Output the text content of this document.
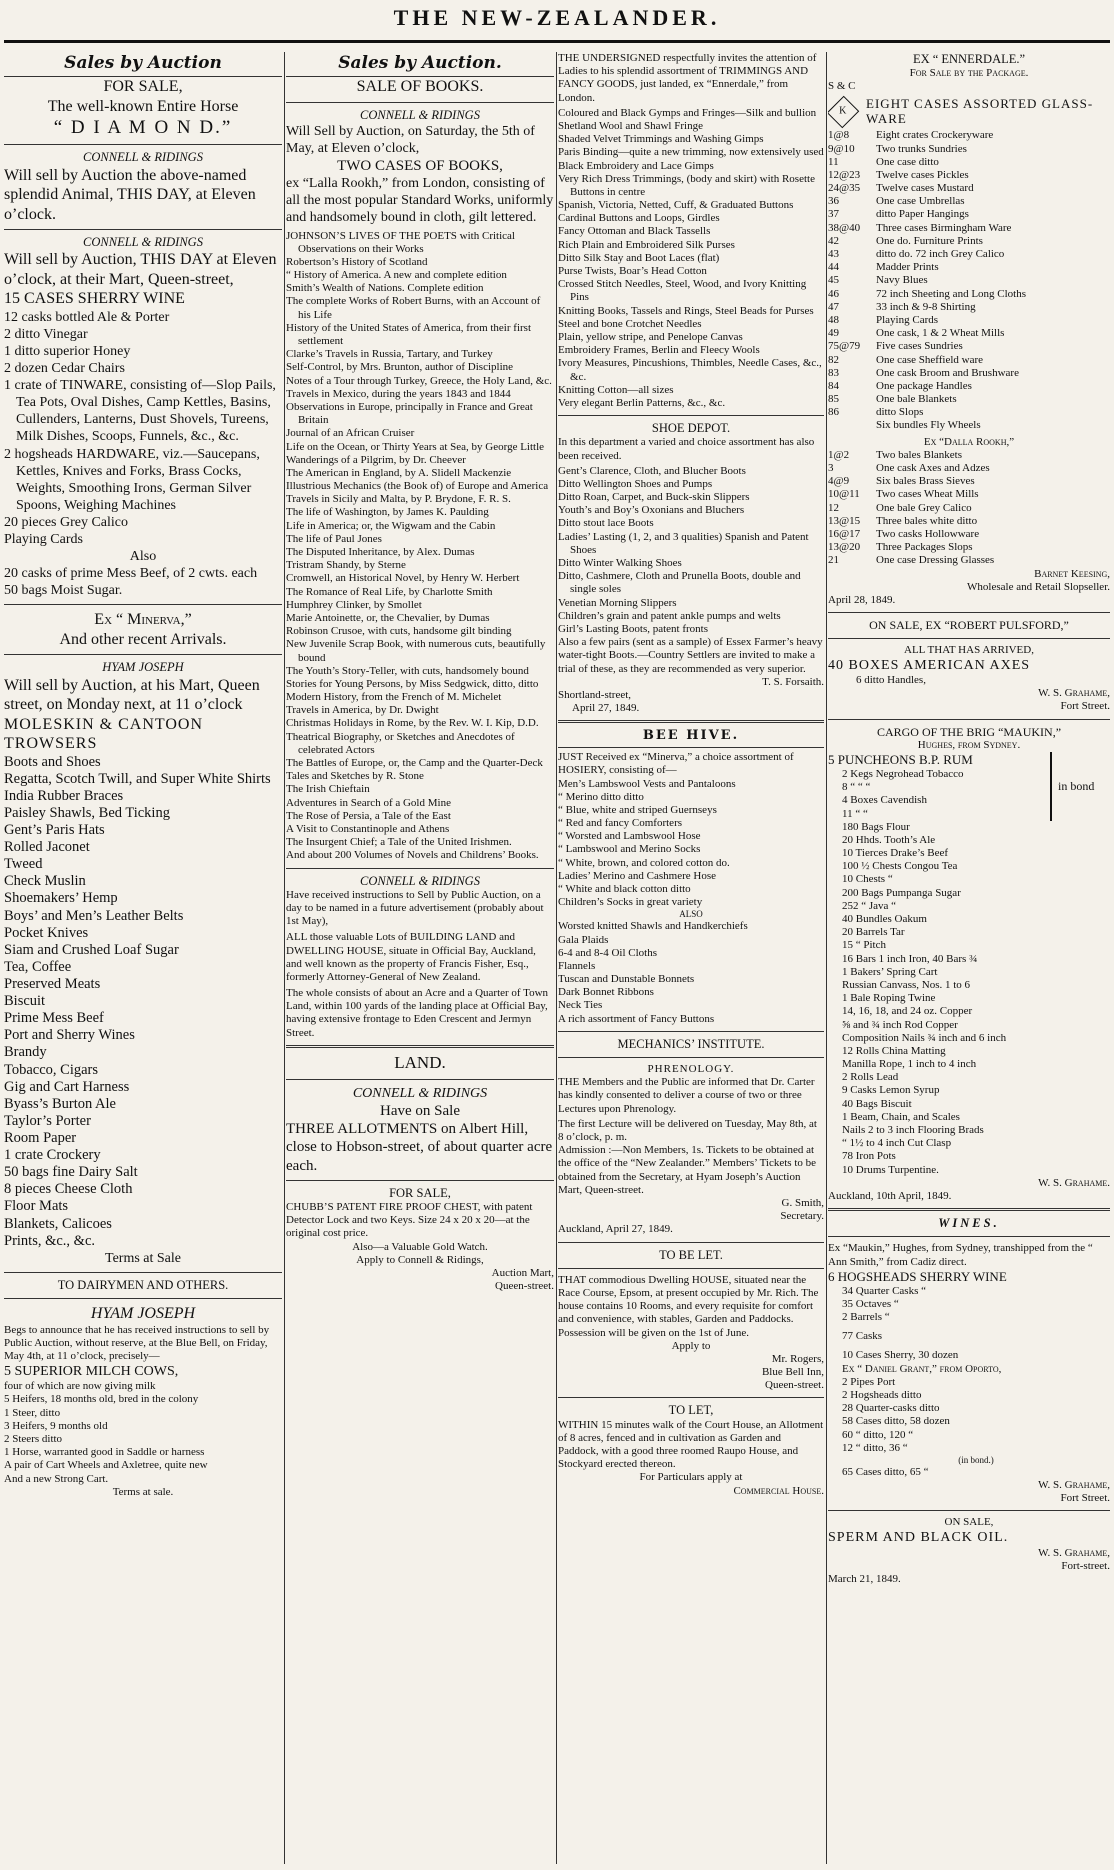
THE NEW-ZEALANDER.
Sales by Auction
FOR SALE,
The well-known Entire Horse
“ D I A M O N D.”
CONNELL & RIDINGS
Will sell by Auction the above-named splendid Animal, THIS DAY, at Eleven o’clock.
CONNELL & RIDINGS
Will sell by Auction, THIS DAY at Eleven o’clock, at their Mart, Queen-street,
15 CASES SHERRY WINE
12 casks bottled Ale & Porter
2 ditto Vinegar
1 ditto superior Honey
2 dozen Cedar Chairs
1 crate of TINWARE, consisting of—Slop Pails, Tea Pots, Oval Dishes, Camp Kettles, Basins, Cullenders, Lanterns, Dust Shovels, Tureens, Milk Dishes, Scoops, Funnels, &c., &c.
2 hogsheads HARDWARE, viz.—Saucepans, Kettles, Knives and Forks, Brass Cocks, Weights, Smoothing Irons, German Silver Spoons, Weighing Machines
20 pieces Grey Calico
Playing Cards
Also
20 casks of prime Mess Beef, of 2 cwts. each
50 bags Moist Sugar.
Ex “ Minerva,”
And other recent Arrivals.
HYAM JOSEPH
Will sell by Auction, at his Mart, Queen street, on Monday next, at 11 o’clock
MOLESKIN & CANTOON TROWSERS
Boots and Shoes
Regatta, Scotch Twill, and Super White Shirts
India Rubber Braces
Paisley Shawls, Bed Ticking
Gent’s Paris Hats
Rolled Jaconet
Tweed
Check Muslin
Shoemakers’ Hemp
Boys’ and Men’s Leather Belts
Pocket Knives
Siam and Crushed Loaf Sugar
Tea, Coffee
Preserved Meats
Biscuit
Prime Mess Beef
Port and Sherry Wines
Brandy
Tobacco, Cigars
Gig and Cart Harness
Byass’s Burton Ale
Taylor’s Porter
Room Paper
1 crate Crockery
50 bags fine Dairy Salt
8 pieces Cheese Cloth
Floor Mats
Blankets, Calicoes
Prints, &c., &c.
Terms at Sale
TO DAIRYMEN AND OTHERS.
HYAM JOSEPH
Begs to announce that he has received instructions to sell by Public Auction, without reserve, at the Blue Bell, on Friday, May 4th, at 11 o’clock, precisely—
5 SUPERIOR MILCH COWS,
four of which are now giving milk
5 Heifers, 18 months old, bred in the colony
1 Steer, ditto
3 Heifers, 9 months old
2 Steers ditto
1 Horse, warranted good in Saddle or harness
A pair of Cart Wheels and Axletree, quite new
And a new Strong Cart.
Terms at sale.
Sales by Auction.
SALE OF BOOKS.
CONNELL & RIDINGS
Will Sell by Auction, on Saturday, the 5th of May, at Eleven o’clock,
TWO CASES OF BOOKS,
ex “Lalla Rookh,” from London, consisting of all the most popular Standard Works, uniformly and handsomely bound in cloth, gilt lettered.
JOHNSON’S LIVES OF THE POETS with Critical Observations on their Works
Robertson’s History of Scotland
“ History of America. A new and complete edition
Smith’s Wealth of Nations. Complete edition
The complete Works of Robert Burns, with an Account of his Life
History of the United States of America, from their first settlement
Clarke’s Travels in Russia, Tartary, and Turkey
Self-Control, by Mrs. Brunton, author of Discipline
Notes of a Tour through Turkey, Greece, the Holy Land, &c.
Travels in Mexico, during the years 1843 and 1844
Observations in Europe, principally in France and Great Britain
Journal of an African Cruiser
Life on the Ocean, or Thirty Years at Sea, by George Little
Wanderings of a Pilgrim, by Dr. Cheever
The American in England, by A. Slidell Mackenzie
Illustrious Mechanics (the Book of) of Europe and America
Travels in Sicily and Malta, by P. Brydone, F. R. S.
The life of Washington, by James K. Paulding
Life in America; or, the Wigwam and the Cabin
The life of Paul Jones
The Disputed Inheritance, by Alex. Dumas
Tristram Shandy, by Sterne
Cromwell, an Historical Novel, by Henry W. Herbert
The Romance of Real Life, by Charlotte Smith
Humphrey Clinker, by Smollet
Marie Antoinette, or, the Chevalier, by Dumas
Robinson Crusoe, with cuts, handsome gilt binding
New Juvenile Scrap Book, with numerous cuts, beautifully bound
The Youth’s Story-Teller, with cuts, handsomely bound
Stories for Young Persons, by Miss Sedgwick, ditto, ditto
Modern History, from the French of M. Michelet
Travels in America, by Dr. Dwight
Christmas Holidays in Rome, by the Rev. W. I. Kip, D.D.
Theatrical Biography, or Sketches and Anecdotes of celebrated Actors
The Battles of Europe, or, the Camp and the Quarter-Deck
Tales and Sketches by R. Stone
The Irish Chieftain
Adventures in Search of a Gold Mine
The Rose of Persia, a Tale of the East
A Visit to Constantinople and Athens
The Insurgent Chief; a Tale of the United Irishmen.
And about 200 Volumes of Novels and Childrens’ Books.
CONNELL & RIDINGS
Have received instructions to Sell by Public Auction, on a day to be named in a future advertisement (probably about 1st May),
ALL those valuable Lots of BUILDING LAND and DWELLING HOUSE, situate in Official Bay, Auckland, and well known as the property of Francis Fisher, Esq., formerly Attorney-General of New Zealand.
The whole consists of about an Acre and a Quarter of Town Land, within 100 yards of the landing place at Official Bay, having extensive frontage to Eden Crescent and Jermyn Street.
LAND.
CONNELL & RIDINGS
Have on Sale
THREE ALLOTMENTS on Albert Hill, close to Hobson-street, of about quarter acre each.
FOR SALE,
CHUBB’S PATENT FIRE PROOF CHEST, with patent Detector Lock and two Keys. Size 24 x 20 x 20—at the original cost price.
Also—a Valuable Gold Watch.
Apply to Connell & Ridings,
Auction Mart,
Queen-street.
THE UNDERSIGNED respectfully invites the attention of Ladies to his splendid assortment of TRIMMINGS AND FANCY GOODS, just landed, ex “Ennerdale,” from London.
Coloured and Black Gymps and Fringes—Silk and bullion
Shetland Wool and Shawl Fringe
Shaded Velvet Trimmings and Washing Gimps
Paris Binding—quite a new trimming, now extensively used
Black Embroidery and Lace Gimps
Very Rich Dress Trimmings, (body and skirt) with Rosette Buttons in centre
Spanish, Victoria, Netted, Cuff, & Graduated Buttons
Cardinal Buttons and Loops, Girdles
Fancy Ottoman and Black Tassells
Rich Plain and Embroidered Silk Purses
Ditto Silk Stay and Boot Laces (flat)
Purse Twists, Boar’s Head Cotton
Crossed Stitch Needles, Steel, Wood, and Ivory Knitting Pins
Knitting Books, Tassels and Rings, Steel Beads for Purses
Steel and bone Crotchet Needles
Plain, yellow stripe, and Penelope Canvas
Embroidery Frames, Berlin and Fleecy Wools
Ivory Measures, Pincushions, Thimbles, Needle Cases, &c., &c.
Knitting Cotton—all sizes
Very elegant Berlin Patterns, &c., &c.
SHOE DEPOT.
In this department a varied and choice assortment has also been received.
Gent’s Clarence, Cloth, and Blucher Boots
Ditto Wellington Shoes and Pumps
Ditto Roan, Carpet, and Buck-skin Slippers
Youth’s and Boy’s Oxonians and Bluchers
Ditto stout lace Boots
Ladies’ Lasting (1, 2, and 3 qualities) Spanish and Patent Shoes
Ditto Winter Walking Shoes
Ditto, Cashmere, Cloth and Prunella Boots, double and single soles
Venetian Morning Slippers
Children’s grain and patent ankle pumps and welts
Girl’s Lasting Boots, patent fronts
Also a few pairs (sent as a sample) of Essex Farmer’s heavy water-tight Boots.—Country Settlers are invited to make a trial of these, as they are recommended as very superior.
T. S. Forsaith.
Shortland-street,
April 27, 1849.
BEE HIVE.
JUST Received ex “Minerva,” a choice assortment of HOSIERY, consisting of—
Men’s Lambswool Vests and Pantaloons
“ Merino ditto ditto
“ Blue, white and striped Guernseys
“ Red and fancy Comforters
“ Worsted and Lambswool Hose
“ Lambswool and Merino Socks
“ White, brown, and colored cotton do.
Ladies’ Merino and Cashmere Hose
“ White and black cotton ditto
Children’s Socks in great variety
ALSO
Worsted knitted Shawls and Handkerchiefs
Gala Plaids
6-4 and 8-4 Oil Cloths
Flannels
Tuscan and Dunstable Bonnets
Dark Bonnet Ribbons
Neck Ties
A rich assortment of Fancy Buttons
MECHANICS’ INSTITUTE.
PHRENOLOGY.
THE Members and the Public are informed that Dr. Carter has kindly consented to deliver a course of two or three Lectures upon Phrenology.
The first Lecture will be delivered on Tuesday, May 8th, at 8 o’clock, p. m.
Admission :—Non Members, 1s. Tickets to be obtained at the office of the “New Zealander.” Members’ Tickets to be obtained from the Secretary, at Hyam Joseph’s Auction Mart, Queen-street.
G. Smith,
Secretary.
Auckland, April 27, 1849.
TO BE LET.
THAT commodious Dwelling HOUSE, situated near the Race Course, Epsom, at present occupied by Mr. Rich. The house contains 10 Rooms, and every requisite for comfort and convenience, with stables, Garden and Paddocks. Possession will be given on the 1st of June.
Apply to
Mr. Rogers,
Blue Bell Inn,
Queen-street.
TO LET,
WITHIN 15 minutes walk of the Court House, an Allotment of 8 acres, fenced and in cultivation as Garden and Paddock, with a good three roomed Raupo House, and Stockyard erected thereon.
For Particulars apply at
Commercial House.
EX “ ENNERDALE.”
For Sale by the Package.
S & C
K
EIGHT CASES ASSORTED GLASS-WARE
1@8	Eight crates Crockeryware
9@10	Two trunks Sundries
11	One case ditto
12@23	Twelve cases Pickles
24@35	Twelve cases Mustard
36	One case Umbrellas
37	ditto Paper Hangings
38@40	Three cases Birmingham Ware
42	One do. Furniture Prints
43	ditto do. 72 inch Grey Calico
44	Madder Prints
45	Navy Blues
46	72 inch Sheeting and Long Cloths
47	33 inch & 9-8 Shirting
48	Playing Cards
49	One cask, 1 & 2 Wheat Mills
75@79	Five cases Sundries
82	One case Sheffield ware
83	One cask Broom and Brushware
84	One package Handles
85	One bale Blankets
86	ditto Slops
Six bundles Fly Wheels
Ex “Dalla Rookh,”
1@2	Two bales Blankets
3	One cask Axes and Adzes
4@9	Six bales Brass Sieves
10@11	Two cases Wheat Mills
12	One bale Grey Calico
13@15	Three bales white ditto
16@17	Two casks Hollowware
13@20	Three Packages Slops
21	One case Dressing Glasses
Barnet Keesing,
Wholesale and Retail Slopseller.
April 28, 1849.
ON SALE, EX “ROBERT PULSFORD,”
ALL THAT HAS ARRIVED,
40 BOXES AMERICAN AXES
6 ditto Handles,
W. S. Grahame,
Fort Street.
CARGO OF THE BRIG “MAUKIN,”
Hughes, from Sydney.
5 PUNCHEONS B.P. RUM
2 Kegs Negrohead Tobacco
8 “ “ “
4 Boxes Cavendish
11 “ “
in bond
180 Bags Flour
20 Hhds. Tooth’s Ale
10 Tierces Drake’s Beef
100 ½ Chests Congou Tea
10 Chests “
200 Bags Pumpanga Sugar
252 “ Java “
40 Bundles Oakum
20 Barrels Tar
15 “ Pitch
16 Bars 1 inch Iron, 40 Bars ¾
1 Bakers’ Spring Cart
Russian Canvass, Nos. 1 to 6
1 Bale Roping Twine
14, 16, 18, and 24 oz. Copper
⅝ and ¾ inch Rod Copper
Composition Nails ¾ inch and 6 inch
12 Rolls China Matting
Manilla Rope, 1 inch to 4 inch
2 Rolls Lead
9 Casks Lemon Syrup
40 Bags Biscuit
1 Beam, Chain, and Scales
Nails 2 to 3 inch Flooring Brads
“ 1½ to 4 inch Cut Clasp
78 Iron Pots
10 Drums Turpentine.
W. S. Grahame.
Auckland, 10th April, 1849.
WINES.
Ex “Maukin,” Hughes, from Sydney, transhipped from the “ Ann Smith,” from Cadiz direct.
6 HOGSHEADS SHERRY WINE
34 Quarter Casks “
35 Octaves “
2 Barrels “
77 Casks
10 Cases Sherry, 30 dozen
Ex “ Daniel Grant,” from Oporto,
2 Pipes Port
2 Hogsheads ditto
28 Quarter-casks ditto
58 Cases ditto, 58 dozen
60 “ ditto, 120 “
12 “ ditto, 36 “
(in bond.)
65 Cases ditto, 65 “
W. S. Grahame,
Fort Street.
ON SALE,
SPERM AND BLACK OIL.
W. S. Grahame,
Fort-street.
March 21, 1849.
